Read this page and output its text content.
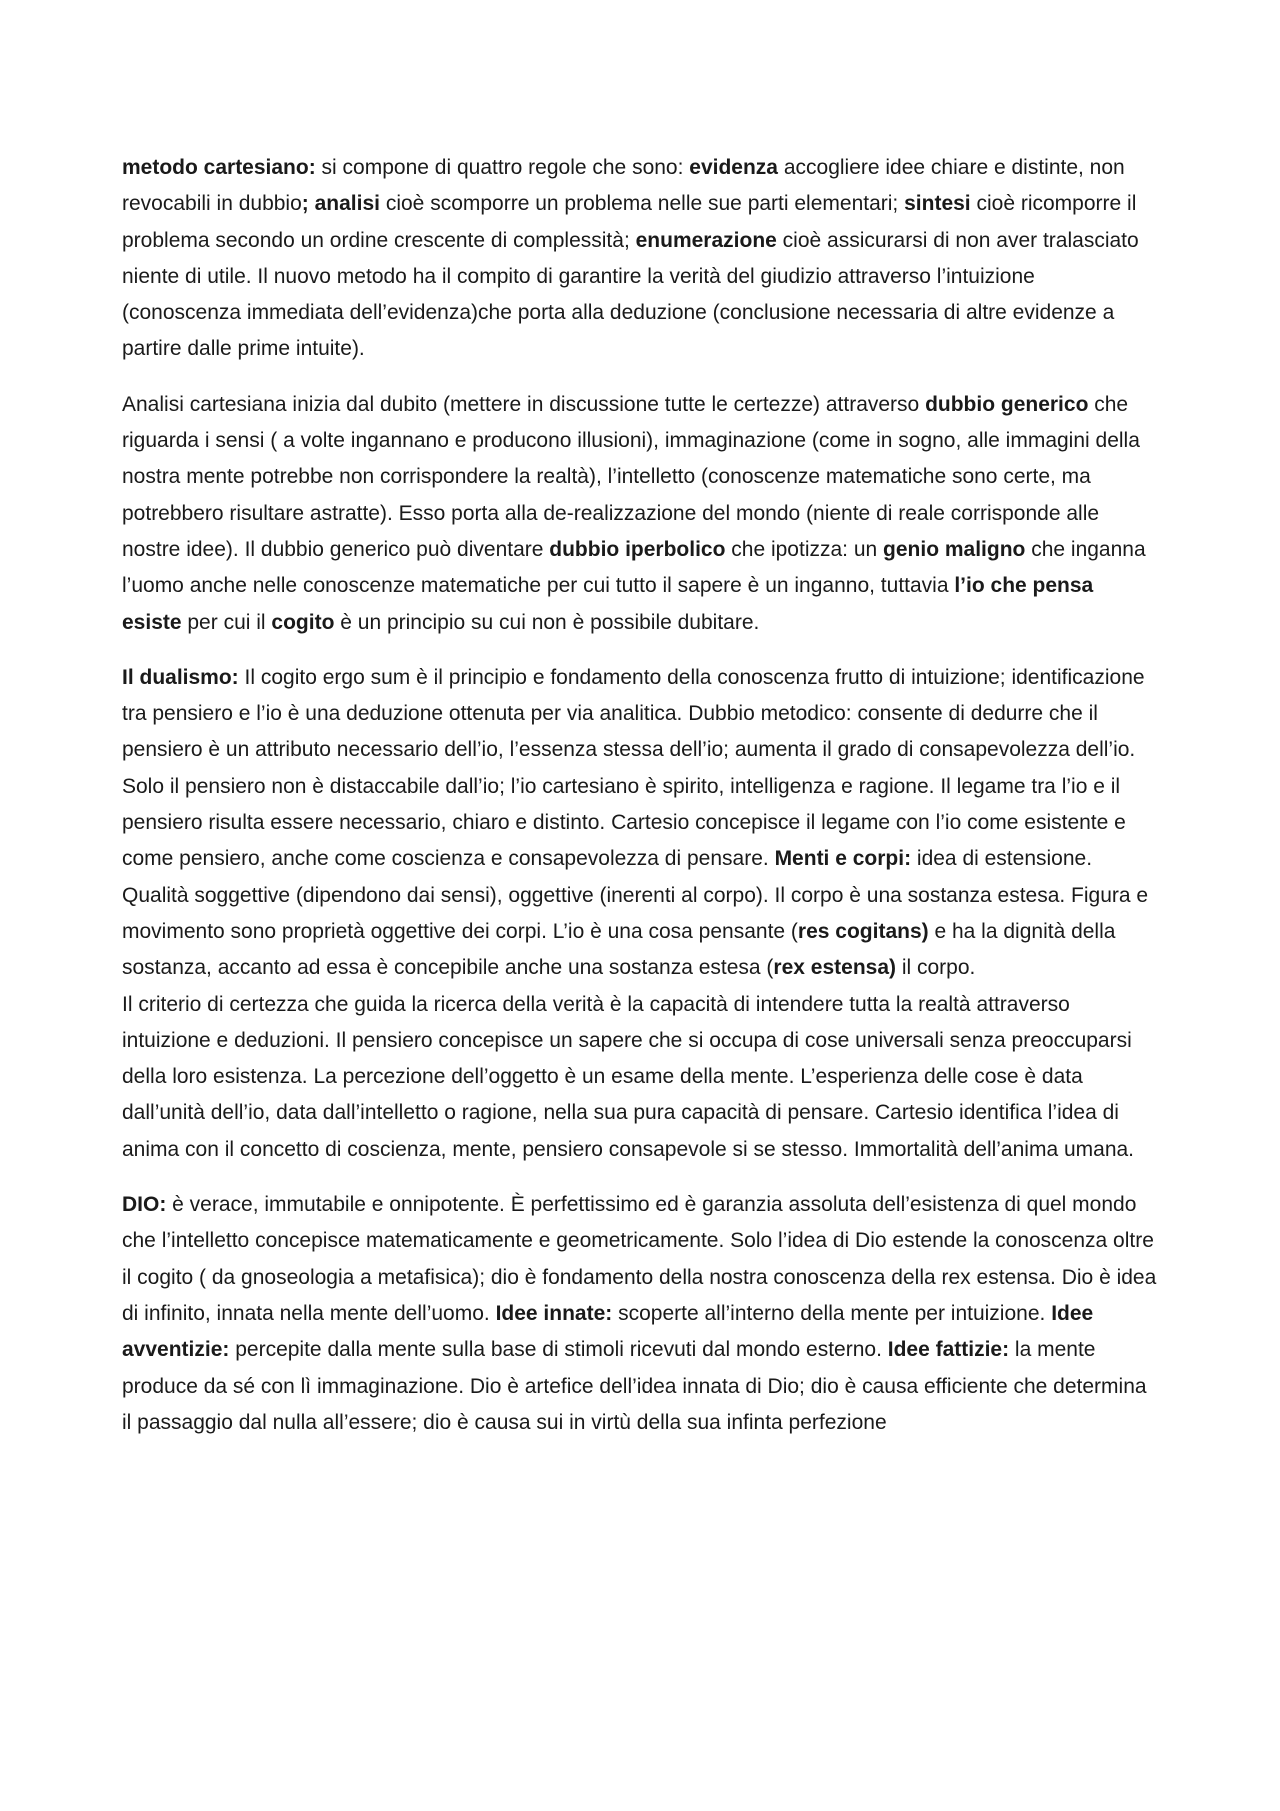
metodo cartesiano: si compone di quattro regole che sono: evidenza accogliere idee chiare e distinte, non revocabili in dubbio; analisi cioè scomporre un problema nelle sue parti elementari; sintesi cioè ricomporre il problema secondo un ordine crescente di complessità; enumerazione cioè assicurarsi di non aver tralasciato niente di utile. Il nuovo metodo ha il compito di garantire la verità del giudizio attraverso l’intuizione (conoscenza immediata dell’evidenza)che porta alla deduzione (conclusione necessaria di altre evidenze a partire dalle prime intuite).

Analisi cartesiana inizia dal dubito (mettere in discussione tutte le certezze) attraverso dubbio generico che riguarda i sensi ( a volte ingannano e producono illusioni), immaginazione (come in sogno, alle immagini della nostra mente potrebbe non corrispondere la realtà), l’intelletto (conoscenze matematiche sono certe, ma potrebbero risultare astratte). Esso porta alla de-realizzazione del mondo (niente di reale corrisponde alle nostre idee). Il dubbio generico può diventare dubbio iperbolico che ipotizza: un genio maligno che inganna l’uomo anche nelle conoscenze matematiche per cui tutto il sapere è un inganno, tuttavia l’io che pensa esiste per cui il cogito è un principio su cui non è possibile dubitare.

Il dualismo: Il cogito ergo sum è il principio e fondamento della conoscenza frutto di intuizione; identificazione tra pensiero e l’io è una deduzione ottenuta per via analitica. Dubbio metodico: consente di dedurre che il pensiero è un attributo necessario dell’io, l’essenza stessa dell’io; aumenta il grado di consapevolezza dell’io. Solo il pensiero non è distaccabile dall’io; l’io cartesiano è spirito, intelligenza e ragione. Il legame tra l’io e il pensiero risulta essere necessario, chiaro e distinto. Cartesio concepisce il legame con l’io come esistente e come pensiero, anche come coscienza e consapevolezza di pensare. Menti e corpi: idea di estensione. Qualità soggettive (dipendono dai sensi), oggettive (inerenti al corpo). Il corpo è una sostanza estesa. Figura e movimento sono proprietà oggettive dei corpi. L’io è una cosa pensante (res cogitans) e ha la dignità della sostanza, accanto ad essa è concepibile anche una sostanza estesa (rex estensa) il corpo.

Il criterio di certezza che guida la ricerca della verità è la capacità di intendere tutta la realtà attraverso intuizione e deduzioni. Il pensiero concepisce un sapere che si occupa di cose universali senza preoccuparsi della loro esistenza. La percezione dell’oggetto è un esame della mente. L’esperienza delle cose è data dall’unità dell’io, data dall’intelletto o ragione, nella sua pura capacità di pensare. Cartesio identifica l’idea di anima con il concetto di coscienza, mente, pensiero consapevole si se stesso. Immortalità dell’anima umana.

DIO: è verace, immutabile e onnipotente. È perfettissimo ed è garanzia assoluta dell’esistenza di quel mondo che l’intelletto concepisce matematicamente e geometricamente. Solo l’idea di Dio estende la conoscenza oltre il cogito ( da gnoseologia a metafisica); dio è fondamento della nostra conoscenza della rex estensa. Dio è idea di infinito, innata nella mente dell’uomo. Idee innate: scoperte all’interno della mente per intuizione. Idee avventizie: percepite dalla mente sulla base di stimoli ricevuti dal mondo esterno. Idee fattizie: la mente produce da sé con lì immaginazione. Dio è artefice dell’idea innata di Dio; dio è causa efficiente che determina il passaggio dal nulla all’essere; dio è causa sui in virtù della sua infinta perfezione
